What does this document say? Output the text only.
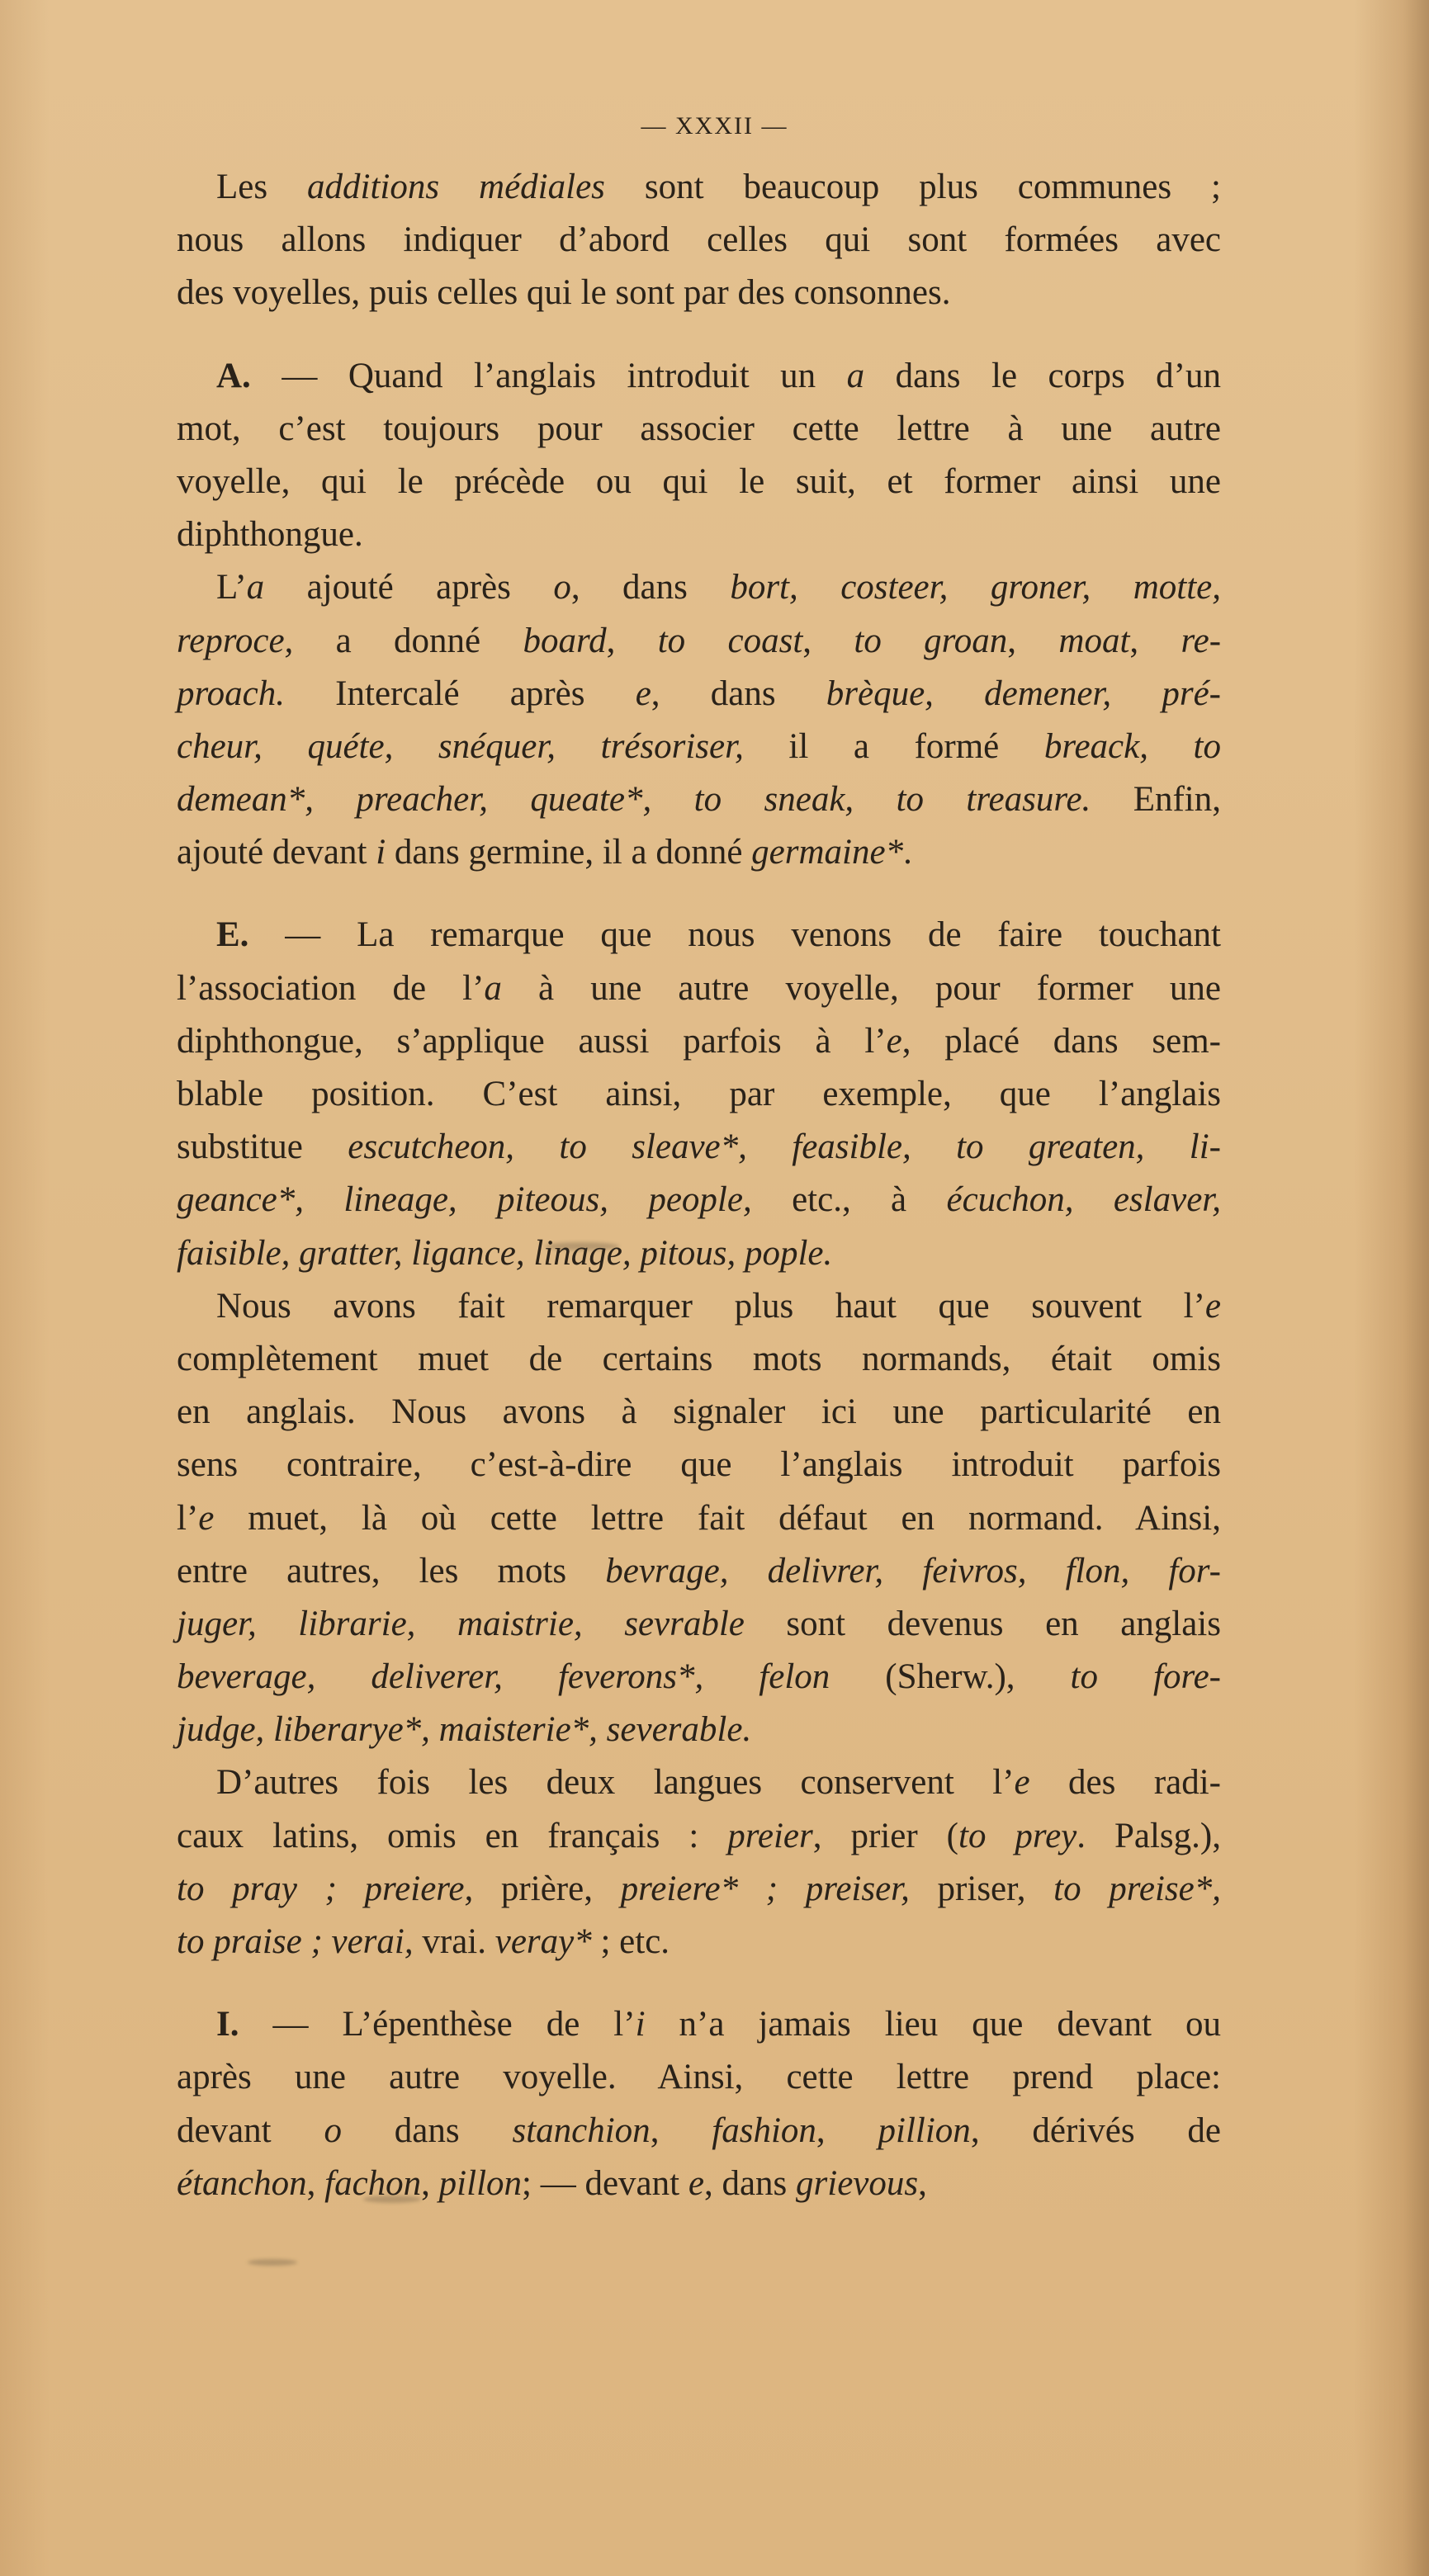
— XXXII —
Les additions médiales sont beaucoup plus communes ;
nous allons indiquer d’abord celles qui sont formées avec
des voyelles, puis celles qui le sont par des consonnes.
A. — Quand l’anglais introduit un a dans le corps d’un
mot, c’est toujours pour associer cette lettre à une autre
voyelle, qui le précède ou qui le suit, et former ainsi une
diphthongue.
L’a ajouté après o, dans bort, costeer, groner, motte,
reproce, a donné board, to coast, to groan, moat, re-
proach. Intercalé après e, dans brèque, demener, pré-
cheur, quéte, snéquer, trésoriser, il a formé breack, to
demean*, preacher, queate*, to sneak, to treasure. Enfin,
ajouté devant i dans germine, il a donné germaine*.
E. — La remarque que nous venons de faire touchant
l’association de l’a à une autre voyelle, pour former une
diphthongue, s’applique aussi parfois à l’e, placé dans sem-
blable position. C’est ainsi, par exemple, que l’anglais
substitue escutcheon, to sleave*, feasible, to greaten, li-
geance*, lineage, piteous, people, etc., à écuchon, eslaver,
faisible, gratter, ligance, linage, pitous, pople.
Nous avons fait remarquer plus haut que souvent l’e
complètement muet de certains mots normands, était omis
en anglais. Nous avons à signaler ici une particularité en
sens contraire, c’est-à-dire que l’anglais introduit parfois
l’e muet, là où cette lettre fait défaut en normand. Ainsi,
entre autres, les mots bevrage, delivrer, feivros, flon, for-
juger, librarie, maistrie, sevrable sont devenus en anglais
beverage, deliverer, feverons*, felon (Sherw.), to fore-
judge, liberarye*, maisterie*, severable.
D’autres fois les deux langues conservent l’e des radi-
caux latins, omis en français : preier, prier (to prey. Palsg.),
to pray ; preiere, prière, preiere* ; preiser, priser, to preise*,
to praise ; verai, vrai. veray* ; etc.
I. — L’épenthèse de l’i n’a jamais lieu que devant ou
après une autre voyelle. Ainsi, cette lettre prend place:
devant o dans stanchion, fashion, pillion, dérivés de
étanchon, fachon, pillon; — devant e, dans grievous,
